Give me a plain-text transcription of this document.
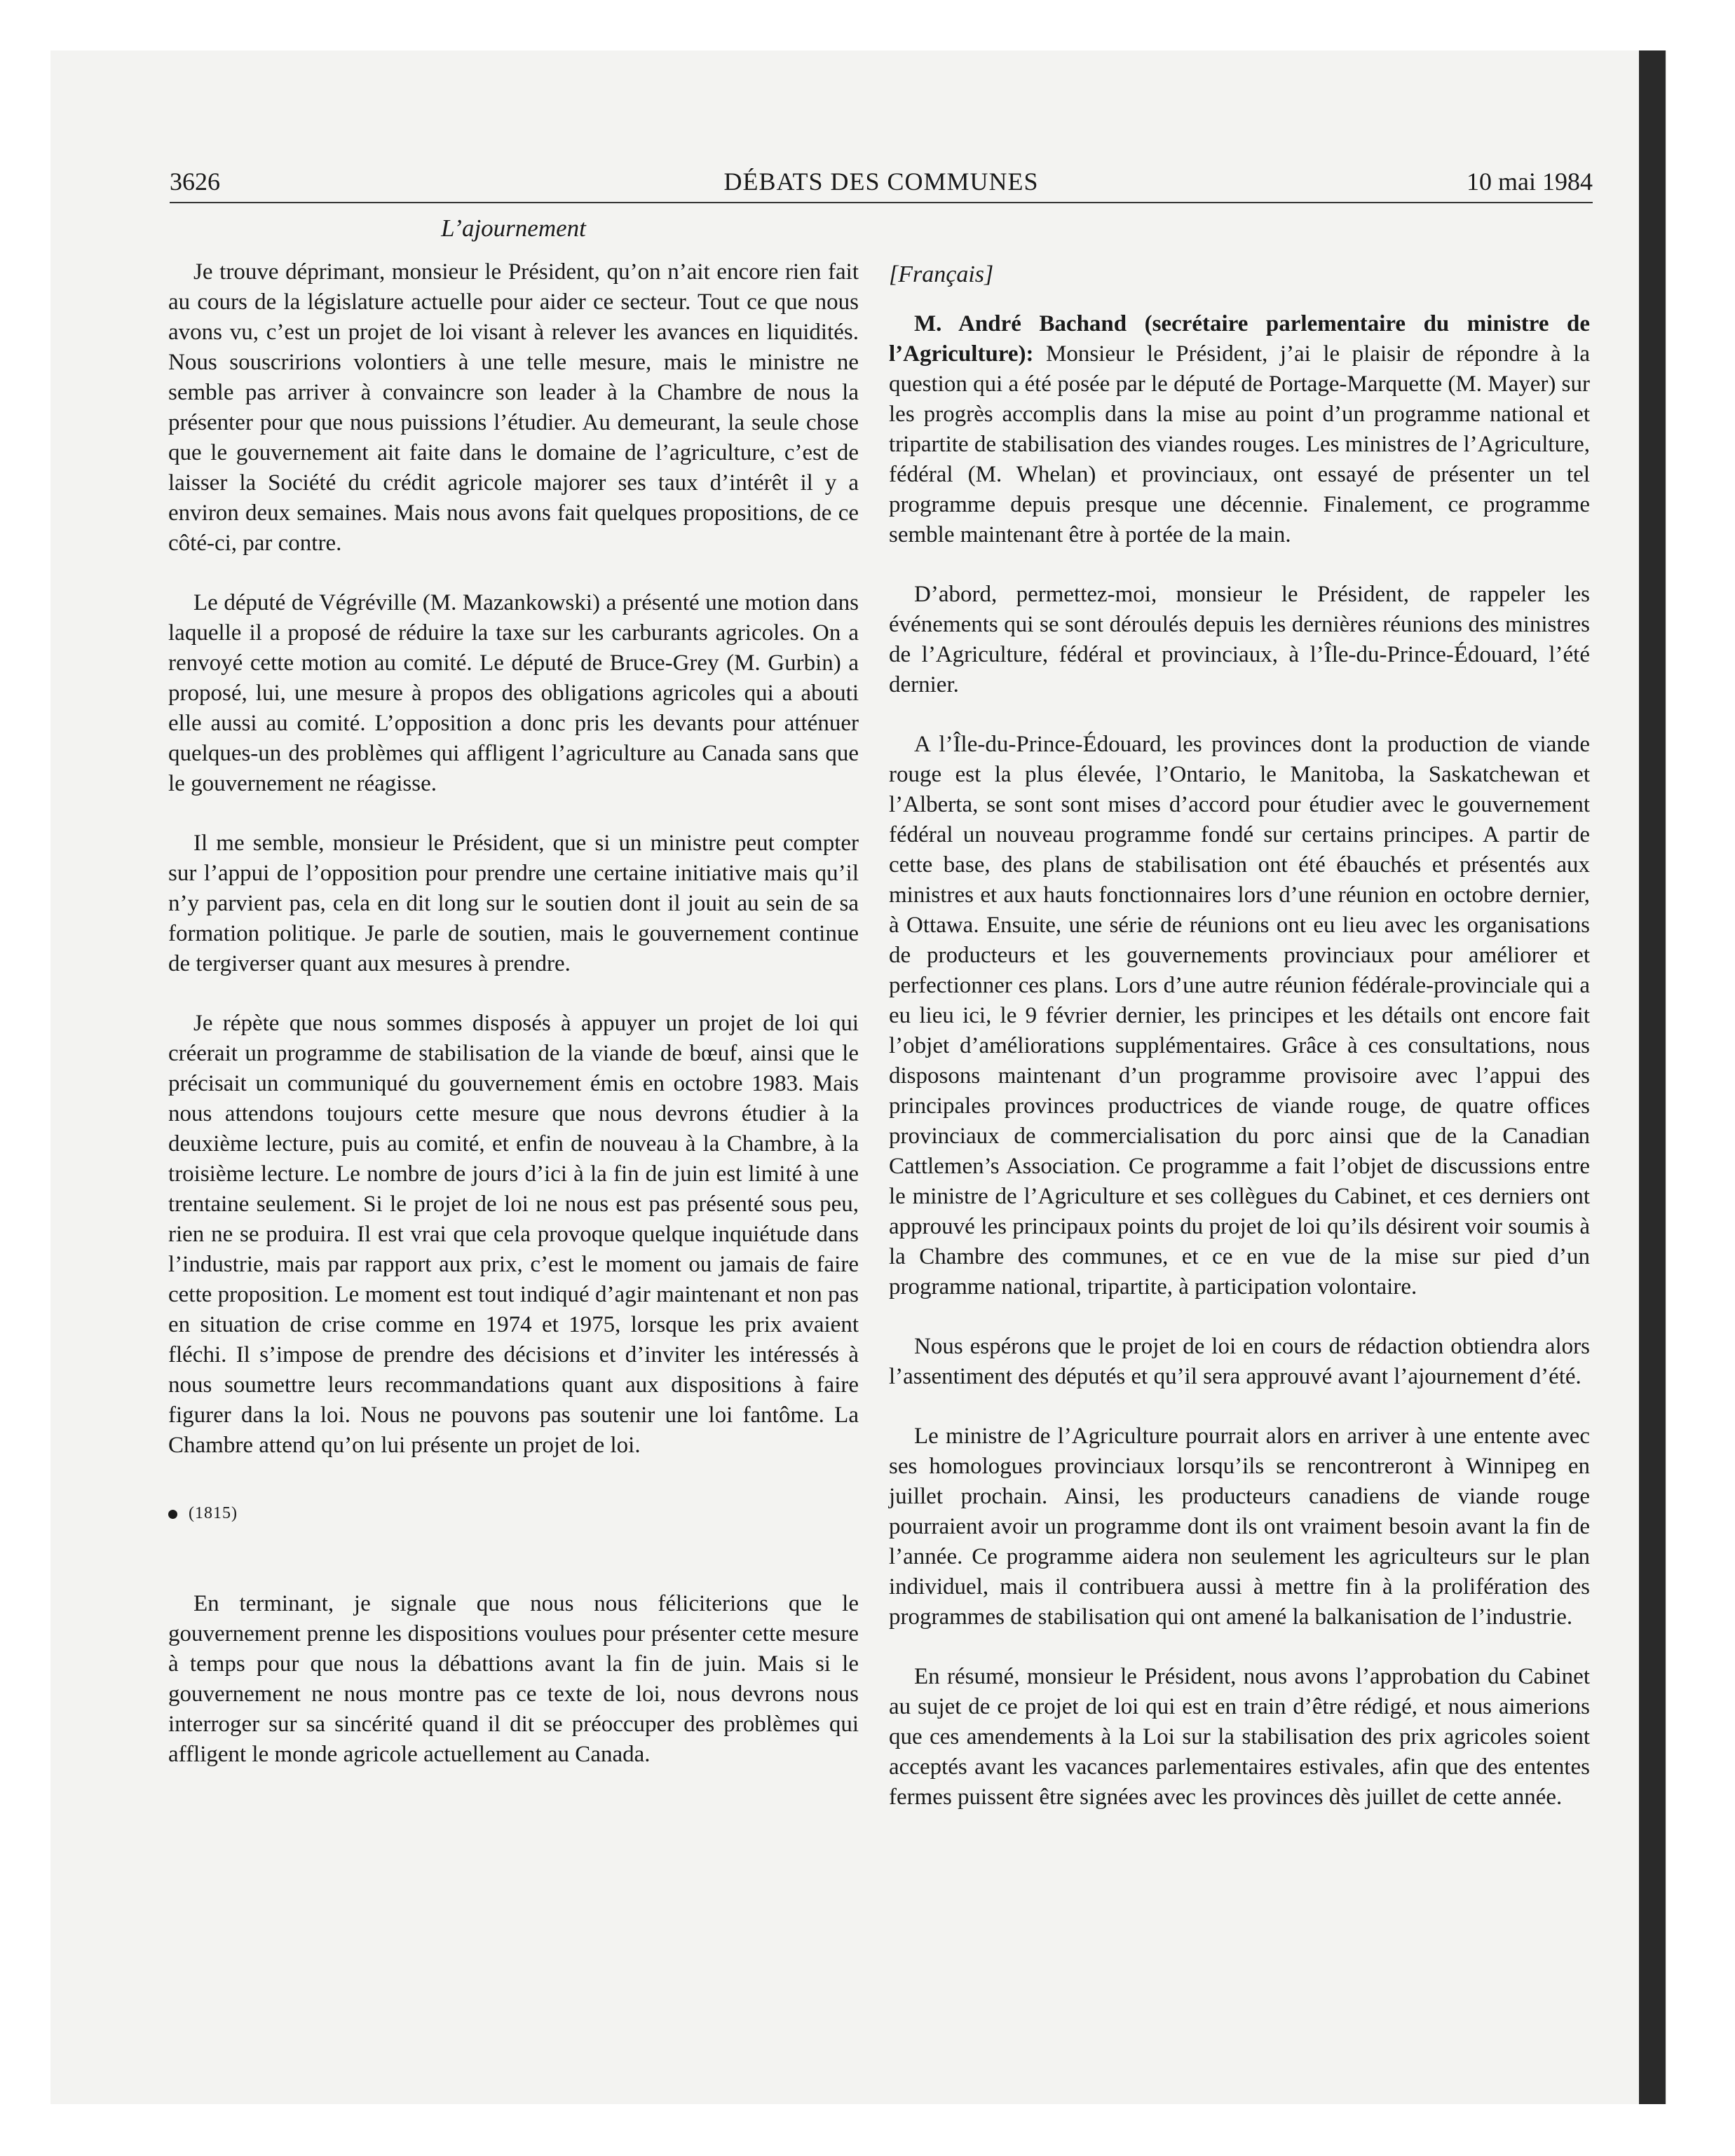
3626	DÉBATS DES COMMUNES	10 mai 1984
L’ajournement

Je trouve déprimant, monsieur le Président, qu’on n’ait encore rien fait au cours de la législature actuelle pour aider ce secteur. Tout ce que nous avons vu, c’est un projet de loi visant à relever les avances en liquidités. Nous souscririons volontiers à une telle mesure, mais le ministre ne semble pas arriver à convaincre son leader à la Chambre de nous la présenter pour que nous puissions l’étudier. Au demeurant, la seule chose que le gouvernement ait faite dans le domaine de l’agriculture, c’est de laisser la Société du crédit agricole majorer ses taux d’intérêt il y a environ deux semaines. Mais nous avons fait quelques propositions, de ce côté-ci, par contre.

Le député de Végréville (M. Mazankowski) a présenté une motion dans laquelle il a proposé de réduire la taxe sur les carburants agricoles. On a renvoyé cette motion au comité. Le député de Bruce-Grey (M. Gurbin) a proposé, lui, une mesure à propos des obligations agricoles qui a abouti elle aussi au comité. L’opposition a donc pris les devants pour atténuer quelques-un des problèmes qui affligent l’agriculture au Canada sans que le gouvernement ne réagisse.

Il me semble, monsieur le Président, que si un ministre peut compter sur l’appui de l’opposition pour prendre une certaine initiative mais qu’il n’y parvient pas, cela en dit long sur le soutien dont il jouit au sein de sa formation politique. Je parle de soutien, mais le gouvernement continue de tergiverser quant aux mesures à prendre.

Je répète que nous sommes disposés à appuyer un projet de loi qui créerait un programme de stabilisation de la viande de bœuf, ainsi que le précisait un communiqué du gouvernement émis en octobre 1983. Mais nous attendons toujours cette mesure que nous devrons étudier à la deuxième lecture, puis au comité, et enfin de nouveau à la Chambre, à la troisième lecture. Le nombre de jours d’ici à la fin de juin est limité à une trentaine seulement. Si le projet de loi ne nous est pas présenté sous peu, rien ne se produira. Il est vrai que cela provoque quelque inquiétude dans l’industrie, mais par rapport aux prix, c’est le moment ou jamais de faire cette proposition. Le moment est tout indiqué d’agir maintenant et non pas en situation de crise comme en 1974 et 1975, lorsque les prix avaient fléchi. Il s’impose de prendre des décisions et d’inviter les intéressés à nous soumettre leurs recommandations quant aux dispositions à faire figurer dans la loi. Nous ne pouvons pas soutenir une loi fantôme. La Chambre attend qu’on lui présente un projet de loi.

(1815)

En terminant, je signale que nous nous féliciterions que le gouvernement prenne les dispositions voulues pour présenter cette mesure à temps pour que nous la débattions avant la fin de juin. Mais si le gouvernement ne nous montre pas ce texte de loi, nous devrons nous interroger sur sa sincérité quand il dit se préoccuper des problèmes qui affligent le monde agricole actuellement au Canada.

[Français]

M. André Bachand (secrétaire parlementaire du ministre de l’Agriculture): Monsieur le Président, j’ai le plaisir de répondre à la question qui a été posée par le député de Portage-Marquette (M. Mayer) sur les progrès accomplis dans la mise au point d’un programme national et tripartite de stabilisation des viandes rouges. Les ministres de l’Agriculture, fédéral (M. Whelan) et provinciaux, ont essayé de présenter un tel programme depuis presque une décennie. Finalement, ce programme semble maintenant être à portée de la main.

D’abord, permettez-moi, monsieur le Président, de rappeler les événements qui se sont déroulés depuis les dernières réunions des ministres de l’Agriculture, fédéral et provinciaux, à l’Île-du-Prince-Édouard, l’été dernier.

A l’Île-du-Prince-Édouard, les provinces dont la production de viande rouge est la plus élevée, l’Ontario, le Manitoba, la Saskatchewan et l’Alberta, se sont sont mises d’accord pour étudier avec le gouvernement fédéral un nouveau programme fondé sur certains principes. A partir de cette base, des plans de stabilisation ont été ébauchés et présentés aux ministres et aux hauts fonctionnaires lors d’une réunion en octobre dernier, à Ottawa. Ensuite, une série de réunions ont eu lieu avec les organisations de producteurs et les gouvernements provinciaux pour améliorer et perfectionner ces plans. Lors d’une autre réunion fédérale-provinciale qui a eu lieu ici, le 9 février dernier, les principes et les détails ont encore fait l’objet d’améliorations supplémentaires. Grâce à ces consultations, nous disposons maintenant d’un programme provisoire avec l’appui des principales provinces productrices de viande rouge, de quatre offices provinciaux de commercialisation du porc ainsi que de la Canadian Cattlemen’s Association. Ce programme a fait l’objet de discussions entre le ministre de l’Agriculture et ses collègues du Cabinet, et ces derniers ont approuvé les principaux points du projet de loi qu’ils désirent voir soumis à la Chambre des communes, et ce en vue de la mise sur pied d’un programme national, tripartite, à participation volontaire.

Nous espérons que le projet de loi en cours de rédaction obtiendra alors l’assentiment des députés et qu’il sera approuvé avant l’ajournement d’été.

Le ministre de l’Agriculture pourrait alors en arriver à une entente avec ses homologues provinciaux lorsqu’ils se rencontreront à Winnipeg en juillet prochain. Ainsi, les producteurs canadiens de viande rouge pourraient avoir un programme dont ils ont vraiment besoin avant la fin de l’année. Ce programme aidera non seulement les agriculteurs sur le plan individuel, mais il contribuera aussi à mettre fin à la prolifération des programmes de stabilisation qui ont amené la balkanisation de l’industrie.

En résumé, monsieur le Président, nous avons l’approbation du Cabinet au sujet de ce projet de loi qui est en train d’être rédigé, et nous aimerions que ces amendements à la Loi sur la stabilisation des prix agricoles soient acceptés avant les vacances parlementaires estivales, afin que des ententes fermes puissent être signées avec les provinces dès juillet de cette année.
